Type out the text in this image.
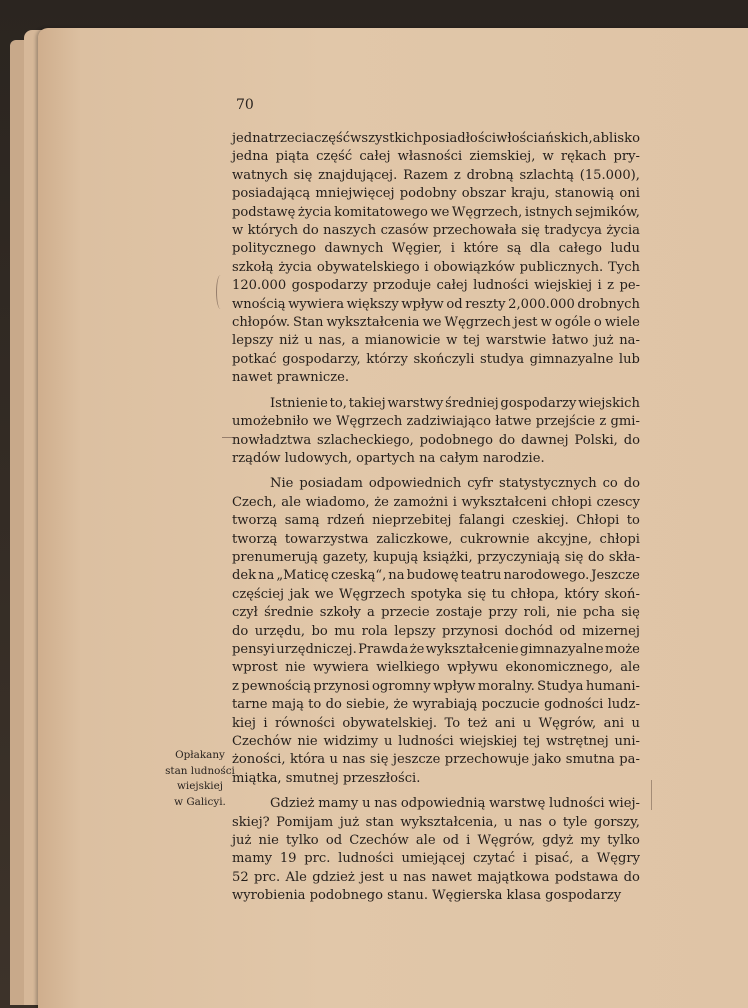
70
jedna trzecia część wszystkich posiadłości włościańskich, a blisko
jedna piąta część całej własności ziemskiej, w rękach pry-
watnych się znajdującej. Razem z drobną szlachtą (15.000),
posiadającą mniejwięcej podobny obszar kraju, stanowią oni
podstawę życia komitatowego we Węgrzech, istnych sejmików,
w których do naszych czasów przechowała się tradycya życia
politycznego dawnych Węgier, i które są dla całego ludu
szkołą życia obywatelskiego i obowiązków publicznych. Tych
120.000 gospodarzy przoduje całej ludności wiejskiej i z pe-
wnością wywiera większy wpływ od reszty 2,000.000 drobnych
chłopów. Stan wykształcenia we Węgrzech jest w ogóle o wiele
lepszy niż u nas, a mianowicie w tej warstwie łatwo już na-
potkać gospodarzy, którzy skończyli studya gimnazyalne lub
nawet prawnicze.
Istnienie to, takiej warstwy średniej gospodarzy wiejskich
umożebniło we Węgrzech zadziwiająco łatwe przejście z gmi-
nowładztwa szlacheckiego, podobnego do dawnej Polski, do
rządów ludowych, opartych na całym narodzie.
Nie posiadam odpowiednich cyfr statystycznych co do
Czech, ale wiadomo, że zamożni i wykształceni chłopi czescy
tworzą samą rdzeń nieprzebitej falangi czeskiej. Chłopi to
tworzą towarzystwa zaliczkowe, cukrownie akcyjne, chłopi
prenumerują gazety, kupują książki, przyczyniają się do skła-
dek na „Maticę czeską“, na budowę teatru narodowego. Jeszcze
częściej jak we Węgrzech spotyka się tu chłopa, który skoń-
czył średnie szkoły a przecie zostaje przy roli, nie pcha się
do urzędu, bo mu rola lepszy przynosi dochód od mizernej
pensyi urzędniczej. Prawda że wykształcenie gimnazyalne może
wprost nie wywiera wielkiego wpływu ekonomicznego, ale
z pewnością przynosi ogromny wpływ moralny. Studya humani-
tarne mają to do siebie, że wyrabiają poczucie godności ludz-
kiej i równości obywatelskiej. To też ani u Węgrów, ani u
Czechów nie widzimy u ludności wiejskiej tej wstrętnej uni-
żoności, która u nas się jeszcze przechowuje jako smutna pa-
miątka, smutnej przeszłości.
Gdzież mamy u nas odpowiednią warstwę ludności wiej-
skiej? Pomijam już stan wykształcenia, u nas o tyle gorszy,
już nie tylko od Czechów ale od i Węgrów, gdyż my tylko
mamy 19 prc. ludności umiejącej czytać i pisać, a Węgry
52 prc. Ale gdzież jest u nas nawet majątkowa podstawa do
wyrobienia podobnego stanu. Węgierska klasa gospodarzy
Opłakany
stan ludności
wiejskiej
w Galicyi.
